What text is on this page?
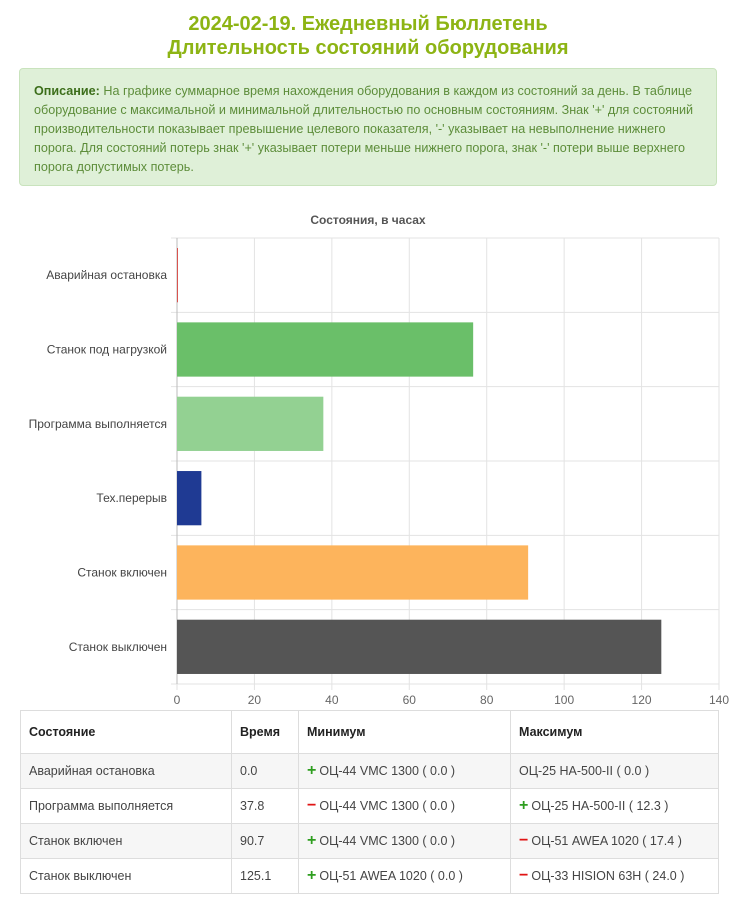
2024-02-19. Ежедневный Бюллетень
Длительность состояний оборудования
Описание: На графике суммарное время нахождения оборудования в каждом из состояний за день. В таблице оборудование с максимальной и минимальной длительностью по основным состояниям. Знак '+' для состояний производительности показывает превышение целевого показателя, '-' указывает на невыполнение нижнего порога. Для состояний потерь знак '+' указывает потери меньше нижнего порога, знак '-' потери выше верхнего порога допустимых потерь.
Состояния, в часах
0	20	40	60	80	100	120	140
Аварийная остановка
Станок под нагрузкой
Программа выполняется
Тех.перерыв
Станок включен
Станок выключен
Состояние	Время	Минимум	Максимум
Аварийная остановка	0.0	+ ОЦ-44 VMC 1300 ( 0.0 )	ОЦ-25 HA-500-II ( 0.0 )
Программа выполняется	37.8	− ОЦ-44 VMC 1300 ( 0.0 )	+ ОЦ-25 HA-500-II ( 12.3 )
Станок включен	90.7	+ ОЦ-44 VMC 1300 ( 0.0 )	− ОЦ-51 AWEA 1020 ( 17.4 )
Станок выключен	125.1	+ ОЦ-51 AWEA 1020 ( 0.0 )	− ОЦ-33 HISION 63H ( 24.0 )
